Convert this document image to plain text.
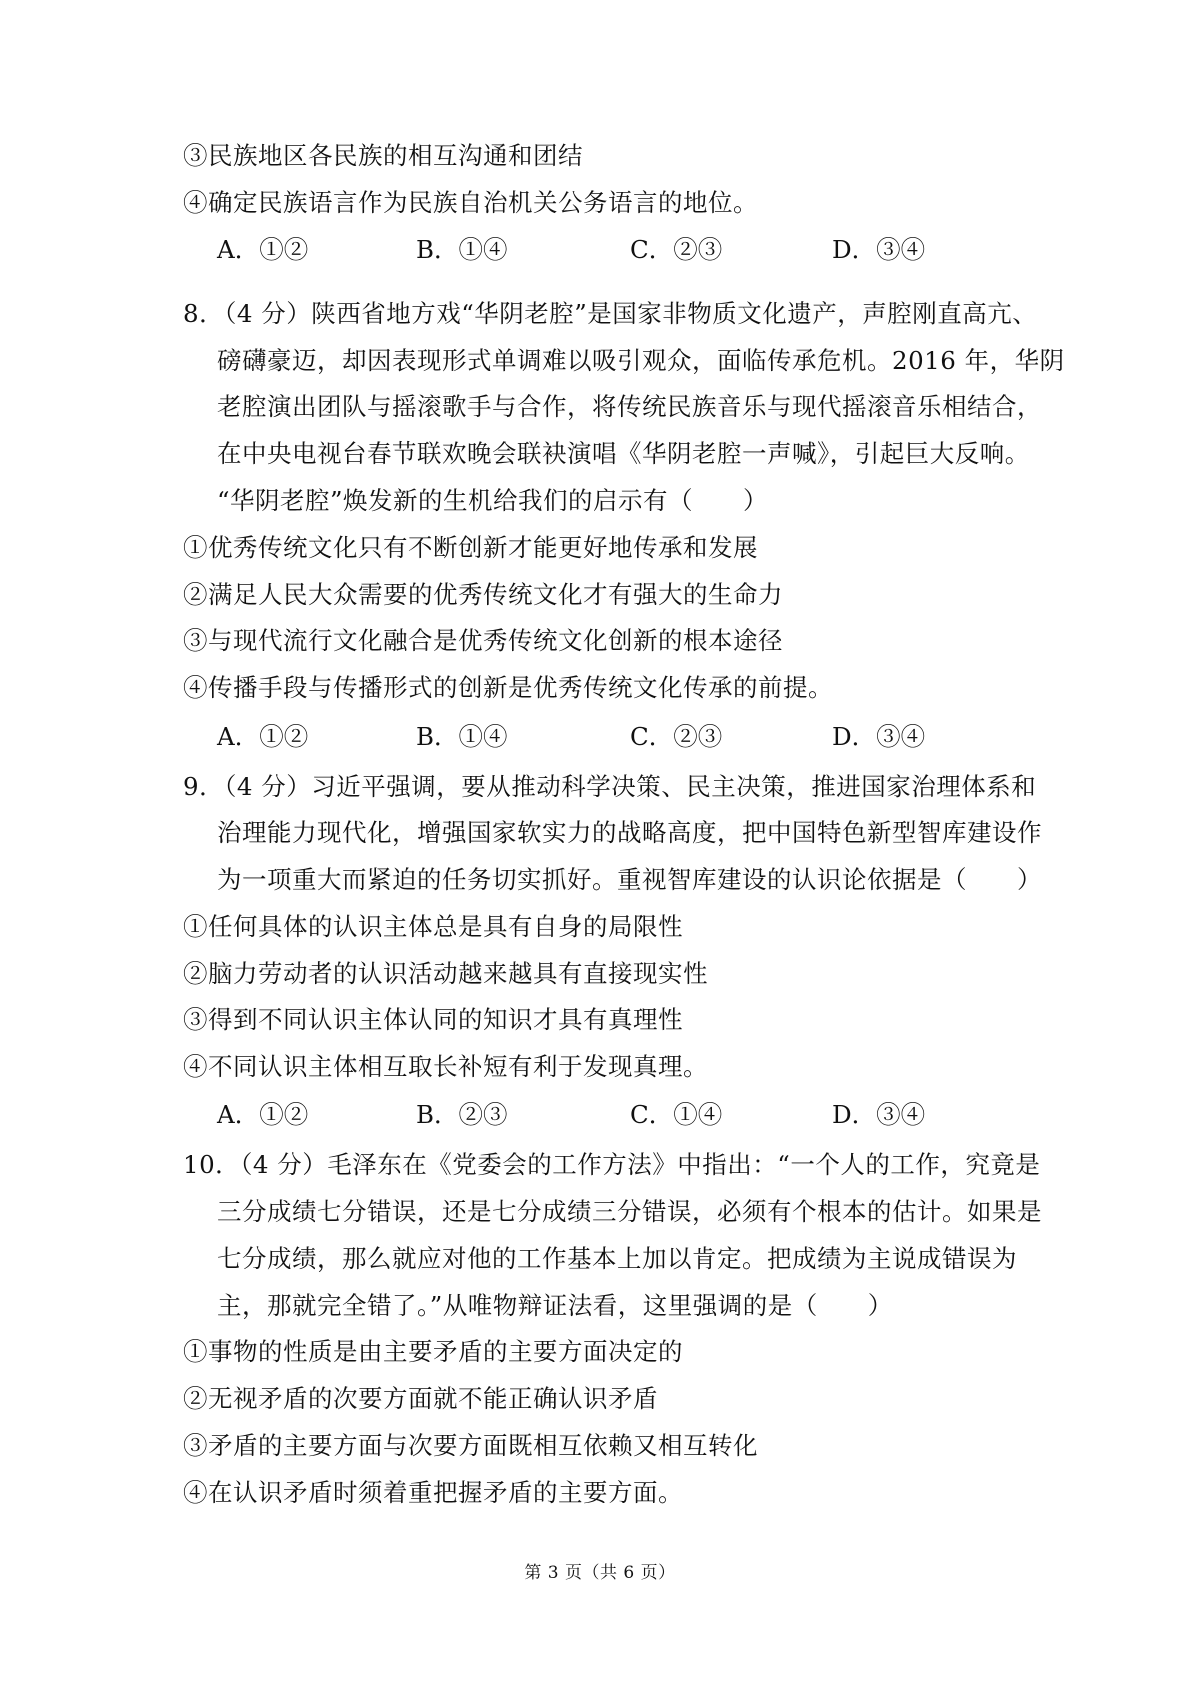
③民族地区各民族的相互沟通和团结
④确定民族语言作为民族自治机关公务语言的地位。
A．①②	B．①④	C．②③	D．③④
8．（4 分）陕西省地方戏“华阴老腔”是国家非物质文化遗产，声腔刚直高亢、
磅礴豪迈，却因表现形式单调难以吸引观众，面临传承危机。2016 年，华阴
老腔演出团队与摇滚歌手与合作，将传统民族音乐与现代摇滚音乐相结合，
在中央电视台春节联欢晚会联袂演唱《华阴老腔一声喊》，引起巨大反响。
“华阴老腔”焕发新的生机给我们的启示有（　　）
①优秀传统文化只有不断创新才能更好地传承和发展
②满足人民大众需要的优秀传统文化才有强大的生命力
③与现代流行文化融合是优秀传统文化创新的根本途径
④传播手段与传播形式的创新是优秀传统文化传承的前提。
A．①②	B．①④	C．②③	D．③④
9．（4 分）习近平强调，要从推动科学决策、民主决策，推进国家治理体系和
治理能力现代化，增强国家软实力的战略高度，把中国特色新型智库建设作
为一项重大而紧迫的任务切实抓好。重视智库建设的认识论依据是（　　）
①任何具体的认识主体总是具有自身的局限性
②脑力劳动者的认识活动越来越具有直接现实性
③得到不同认识主体认同的知识才具有真理性
④不同认识主体相互取长补短有利于发现真理。
A．①②	B．②③	C．①④	D．③④
10．（4 分）毛泽东在《党委会的工作方法》中指出：“一个人的工作，究竟是
三分成绩七分错误，还是七分成绩三分错误，必须有个根本的估计。如果是
七分成绩，那么就应对他的工作基本上加以肯定。把成绩为主说成错误为
主，那就完全错了。”从唯物辩证法看，这里强调的是（　　）
①事物的性质是由主要矛盾的主要方面决定的
②无视矛盾的次要方面就不能正确认识矛盾
③矛盾的主要方面与次要方面既相互依赖又相互转化
④在认识矛盾时须着重把握矛盾的主要方面。
第 3 页（共 6 页）
